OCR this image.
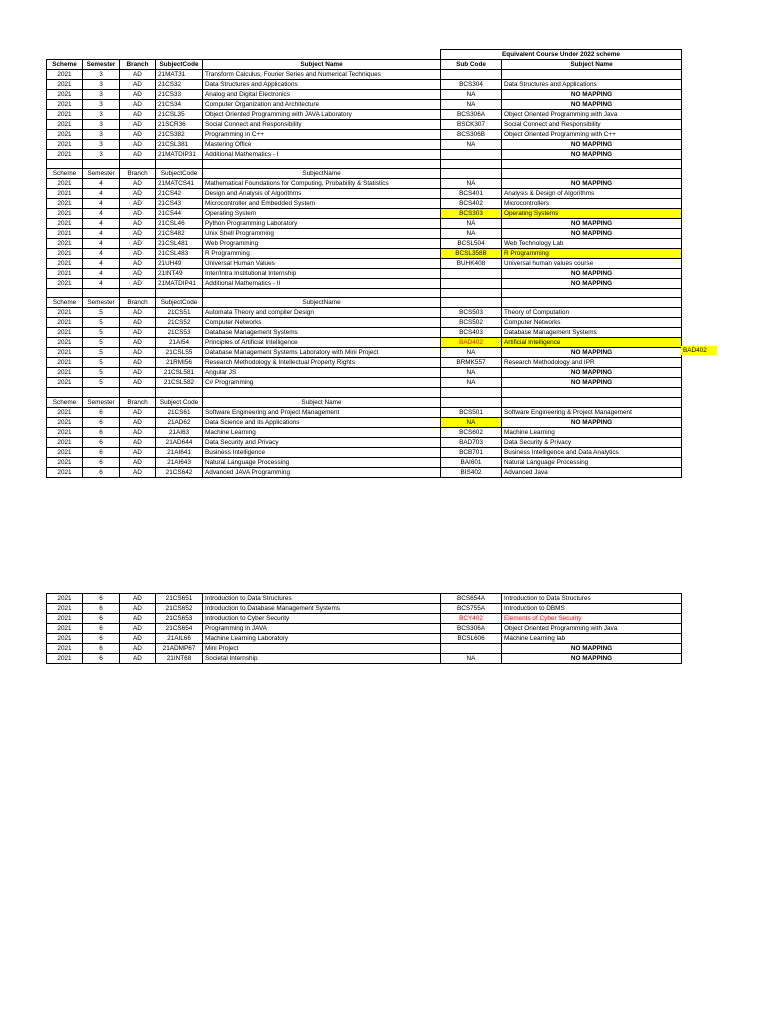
					Equivalent Course Under 2022 scheme	
Scheme	Semester	Branch	SubjectCode	Subject Name	Sub Code	Subject Name
2021	3	AD	21MAT31	Transform Calculus, Fourier Series and Numerical Techniques		
2021	3	AD	21CS32	Data Structures and Applications	BCS304	Data Structures and Applications
2021	3	AD	21CS33	Analog and Digital Electronics	NA	NO MAPPING
2021	3	AD	21CS34	Computer Organization and Architecture	NA	NO MAPPING
2021	3	AD	21CSL35	Object Oriented Programming with JAVA Laboratory	BCS306A	Object Oriented Programming with Java
2021	3	AD	21SCR36	Social Connect and Responsibility	BSCK307	Social Connect and Responsibility
2021	3	AD	21CS382	Programming in C++	BCS306B	Object Oriented Programming with C++
2021	3	AD	21CSL381	Mastering Office	NA	NO MAPPING
2021	3	AD	21MATDIP31	Additional Mathematics - I		NO MAPPING

Scheme	Semester	Branch	SubjectCode	SubjectName		
2021	4	AD	21MATCS41	Mathematical Foundations for Computing, Probability & Statistics	NA	NO MAPPING
2021	4	AD	21CS42	Design and Analysis of Algorithms	BCS401	Analysis & Design of Algorithms
2021	4	AD	21CS43	Microcontroller and Embedded System	BCS402	Microcontrollers
2021	4	AD	21CS44	Operating System	BCS303	Operating Systems
2021	4	AD	21CSL46	Python Programming Laboratory	NA	NO MAPPING
2021	4	AD	21CS482	Unix Shell Programming	NA	NO MAPPING
2021	4	AD	21CSL481	Web Programming	BCSL504	Web Technology Lab
2021	4	AD	21CSL483	R Programming	BCSL358B	R Programming
2021	4	AD	21UH49	Universal Human Values	BUHK408	Universal human values course
2021	4	AD	21INT49	Inter/Intra Institutional Internship		NO MAPPING
2021	4	AD	21MATDIP41	Additional Mathematics - II		NO MAPPING

Scheme	Semester	Branch	SubjectCode	SubjectName		
2021	5	AD	21CS51	Automata Theory and compiler Design	BCS503	Theory of Computation
2021	5	AD	21CS52	Computer Networks	BCS502	Computer Networks
2021	5	AD	21CS53	Database Management Systems	BCS403	Database Management Systems
2021	5	AD	21AI54	Principles of Artificial Intelligence	BAD402	Artificial Intelligence
2021	5	AD	21CSL55	Database Management Systems Laboratory with Mini Project	NA	NO MAPPING
2021	5	AD	21RMI56	Research Methodology & Intellectual Property Rights	BRMK557	Research Methodology and IPR
2021	5	AD	21CSL581	Angular JS	NA	NO MAPPING
2021	5	AD	21CSL582	C# Programming	NA	NO MAPPING

Scheme	Semester	Branch	Subject Code	Subject Name		
2021	6	AD	21CS61	Software Engineering and Project Management	BCS501	Software Engineering & Project Management
2021	6	AD	21AD62	Data Science and its Applications	NA	NO MAPPING
2021	6	AD	21AI63	Machine Learning	BCS602	Machine Learning
2021	6	AD	21AD644	Data Security and Privacy	BAD703	Data Security & Privacy
2021	6	AD	21AI641	Business Intelligence	BCB701	Business Intelligence and Data Analytics
2021	6	AD	21AI643	Natural Language Processing	BAI601	Natural Language Processing
2021	6	AD	21CS642	Advanced JAVA Programming	BIS402	Advanced Java
BAD402
2021	6	AD	21CS651	Introduction to Data Structures	BCS654A	Introduction to Data Structures
2021	6	AD	21CS652	Introduction to Database Management Systems	BCS755A	Introduction to DBMS
2021	6	AD	21CS653	Introduction to Cyber Security	BCY402	Elements of Cyber Security
2021	6	AD	21CS654	Programming in JAVA	BCS306A	Object Oriented Programming with Java
2021	6	AD	21AIL66	Machine Learning Laboratory	BCSL606	Machine Learning lab
2021	6	AD	21ADMP67	Mini Project		NO MAPPING
2021	6	AD	21INT68	Societal Internship	NA	NO MAPPING
